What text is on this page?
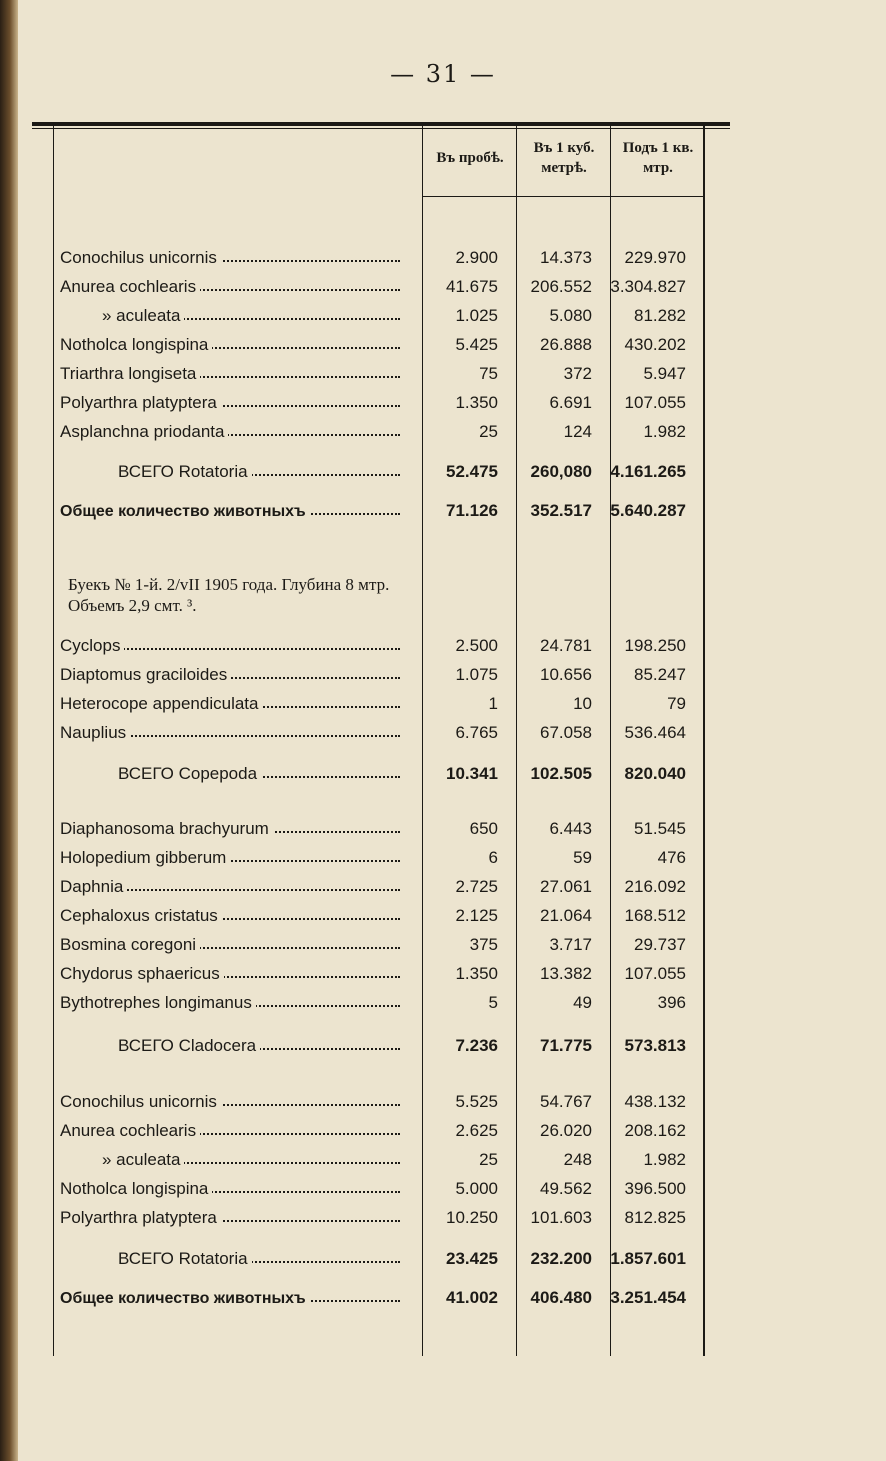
— 31 —
Въ пробѣ.
Въ 1 куб. метрѣ.
Подъ 1 кв. мтр.
Conochilus unicornis	2.900	14.373	229.970
Anurea cochlearis	41.675	206.552	3.304.827
» aculeata	1.025	5.080	81.282
Notholca longispina	5.425	26.888	430.202
Triarthra longiseta	75	372	5.947
Polyarthra platyptera	1.350	6.691	107.055
Asplanchna priodanta	25	124	1.982
ВСЕГО Rotatoria	52.475	260,080	4.161.265
Общее количество животныхъ	71.126	352.517	5.640.287
Буекъ № 1-й. 2/vII 1905 года. Глубина 8 мтр. Объемъ 2,9 смт. ³.
Cyclops	2.500	24.781	198.250
Diaptomus graciloides	1.075	10.656	85.247
Heterocope appendiculata	1	10	79
Nauplius	6.765	67.058	536.464
ВСЕГО Copepoda	10.341	102.505	820.040
Diaphanosoma brachyurum	650	6.443	51.545
Holopedium gibberum	6	59	476
Daphnia	2.725	27.061	216.092
Cephaloxus cristatus	2.125	21.064	168.512
Bosmina coregoni	375	3.717	29.737
Chydorus sphaericus	1.350	13.382	107.055
Bythotrephes longimanus	5	49	396
ВСЕГО Cladocera	7.236	71.775	573.813
Conochilus unicornis	5.525	54.767	438.132
Anurea cochlearis	2.625	26.020	208.162
» aculeata	25	248	1.982
Notholca longispina	5.000	49.562	396.500
Polyarthra platyptera	10.250	101.603	812.825
ВСЕГО Rotatoria	23.425	232.200	1.857.601
Общее количество животныхъ	41.002	406.480	3.251.454
